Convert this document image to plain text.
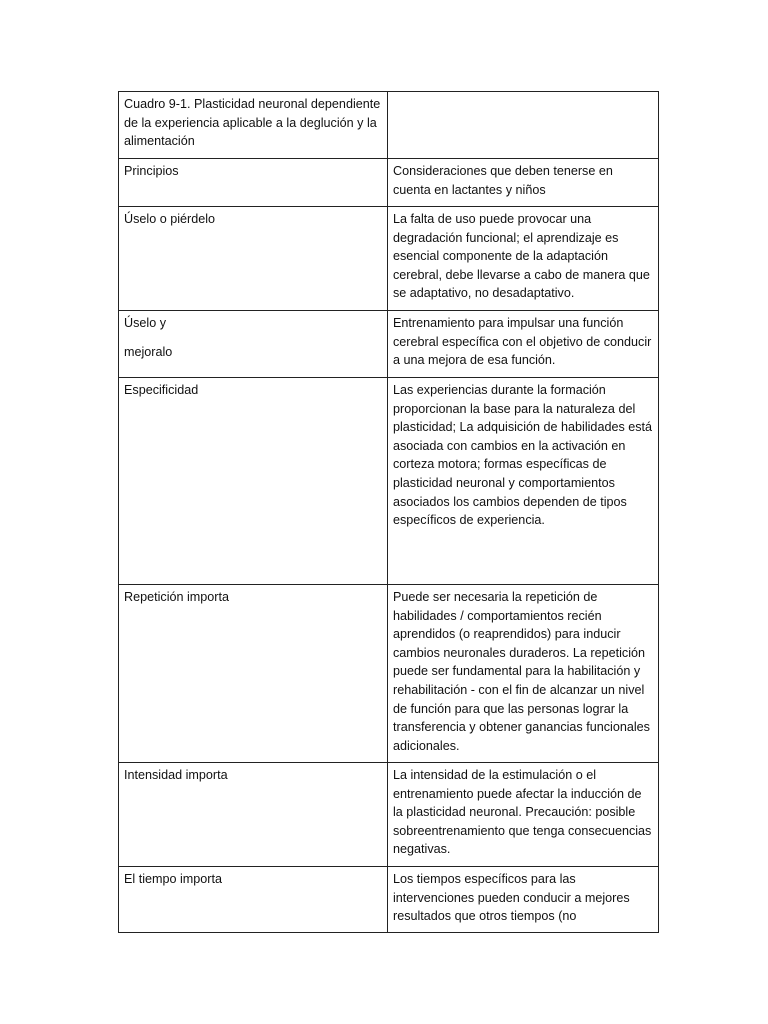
Cuadro 9-1. Plasticidad neuronal dependiente de la experiencia aplicable a la deglución y la alimentación	
Principios	Consideraciones que deben tenerse en cuenta en lactantes y niños
Úselo o piérdelo	La falta de uso puede provocar una degradación funcional; el aprendizaje es esencial componente de la adaptación cerebral, debe llevarse a cabo de manera que se adaptativo, no desadaptativo.

Úselo y
mejoralo	Entrenamiento para impulsar una función cerebral específica con el objetivo de conducir a una mejora de esa función.
Especificidad	Las experiencias durante la formación proporcionan la base para la naturaleza del plasticidad; La adquisición de habilidades está asociada con cambios en la activación en corteza motora; formas específicas de plasticidad neuronal y comportamientos asociados los cambios dependen de tipos específicos de experiencia.
Repetición importa	Puede ser necesaria la repetición de habilidades / comportamientos recién aprendidos (o reaprendidos) para inducir cambios neuronales duraderos. La repetición puede ser fundamental para la habilitación y rehabilitación - con el fin de alcanzar un nivel de función para que las personas lograr la transferencia y obtener ganancias funcionales adicionales.
Intensidad importa	La intensidad de la estimulación o el entrenamiento puede afectar la inducción de la plasticidad neuronal. Precaución: posible sobreentrenamiento que tenga consecuencias negativas.
El tiempo importa	Los tiempos específicos para las intervenciones pueden conducir a mejores resultados que otros tiempos (no
